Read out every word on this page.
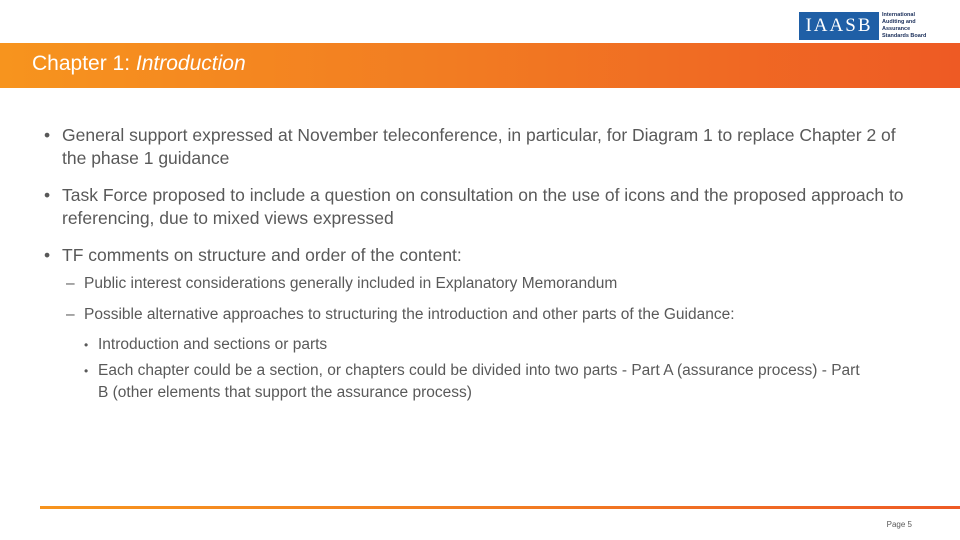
IAASB	International Auditing and Assurance Standards Board
Chapter 1: Introduction
• General support expressed at November teleconference, in particular, for Diagram 1 to replace Chapter 2 of the phase 1 guidance
• Task Force proposed to include a question on consultation on the use of icons and the proposed approach to referencing, due to mixed views expressed
• TF comments on structure and order of the content:
– Public interest considerations generally included in Explanatory Memorandum
– Possible alternative approaches to structuring the introduction and other parts of the Guidance:
• Introduction and sections or parts
• Each chapter could be a section, or chapters could be divided into two parts - Part A (assurance process) - Part B (other elements that support the assurance process)
Page 5
